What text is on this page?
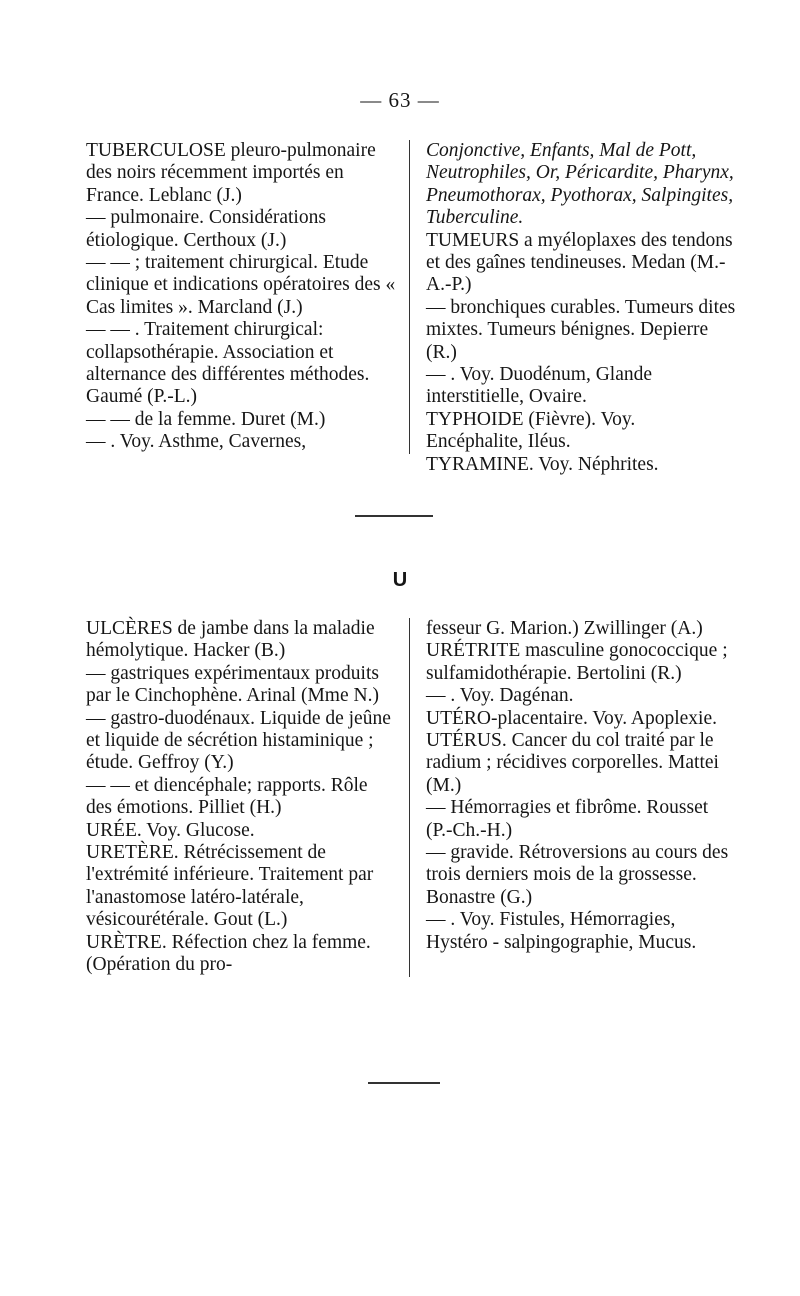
— 63 —

TUBERCULOSE pleuro-pulmonaire des noirs récemment importés en France. Leblanc (J.)

— pulmonaire. Considérations étiologique. Certhoux (J.)

— — ; traitement chirurgical. Etude clinique et indications opératoires des « Cas limites ». Marcland (J.)

— — . Traitement chirurgical: collapsothérapie. Association et alternance des différentes méthodes. Gaumé (P.-L.)

— — de la femme. Duret (M.)

— . Voy. Asthme, Cavernes,

Conjonctive, Enfants, Mal de Pott, Neutrophiles, Or, Péricardite, Pharynx, Pneumothorax, Pyothorax, Salpingites, Tuberculine.

TUMEURS a myéloplaxes des tendons et des gaînes tendineuses. Medan (M.-A.-P.)

— bronchiques curables. Tumeurs dites mixtes. Tumeurs bénignes. Depierre (R.)

— . Voy. Duodénum, Glande interstitielle, Ovaire.

TYPHOIDE (Fièvre). Voy. Encéphalite, Iléus.

TYRAMINE. Voy. Néphrites.

U

ULCÈRES de jambe dans la maladie hémolytique. Hacker (B.)

— gastriques expérimentaux produits par le Cinchophène. Arinal (Mme N.)

— gastro-duodénaux. Liquide de jeûne et liquide de sécrétion histaminique ; étude. Geffroy (Y.)

— — et diencéphale; rapports. Rôle des émotions. Pilliet (H.)

URÉE. Voy. Glucose.

URETÈRE. Rétrécissement de l'extrémité inférieure. Traitement par l'anastomose latéro-latérale, vésicourétérale. Gout (L.)

URÈTRE. Réfection chez la femme. (Opération du pro-

fesseur G. Marion.) Zwillinger (A.)

URÉTRITE masculine gonococcique ; sulfamidothérapie. Bertolini (R.)

— . Voy. Dagénan.

UTÉRO-placentaire. Voy. Apoplexie.

UTÉRUS. Cancer du col traité par le radium ; récidives corporelles. Mattei (M.)

— Hémorragies et fibrôme. Rousset (P.-Ch.-H.)

— gravide. Rétroversions au cours des trois derniers mois de la grossesse. Bonastre (G.)

— . Voy. Fistules, Hémorragies, Hystéro - salpingographie, Mucus.
